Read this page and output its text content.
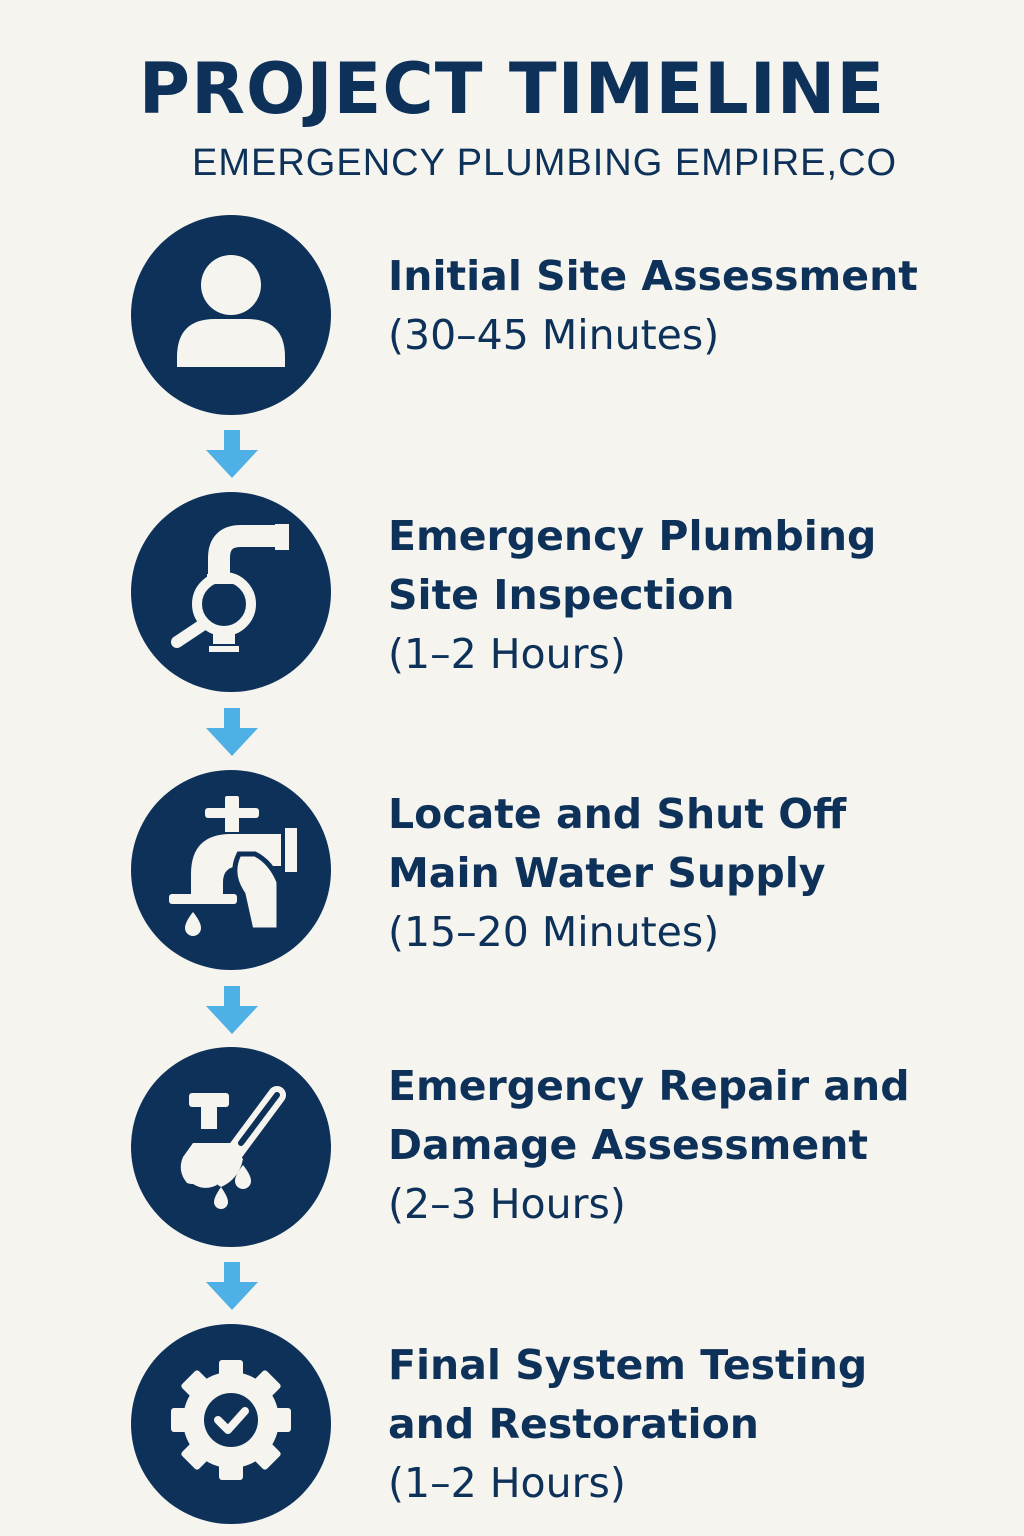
PROJECT TIMELINE

EMERGENCY PLUMBING EMPIRE,CO

Initial Site Assessment
(30–45 Minutes)
Emergency Plumbing
Site Inspection
(1–2 Hours)
Locate and Shut Off
Main Water Supply
(15–20 Minutes)
Emergency Repair and
Damage Assessment
(2–3 Hours)
Final System Testing
and Restoration
(1–2 Hours)
